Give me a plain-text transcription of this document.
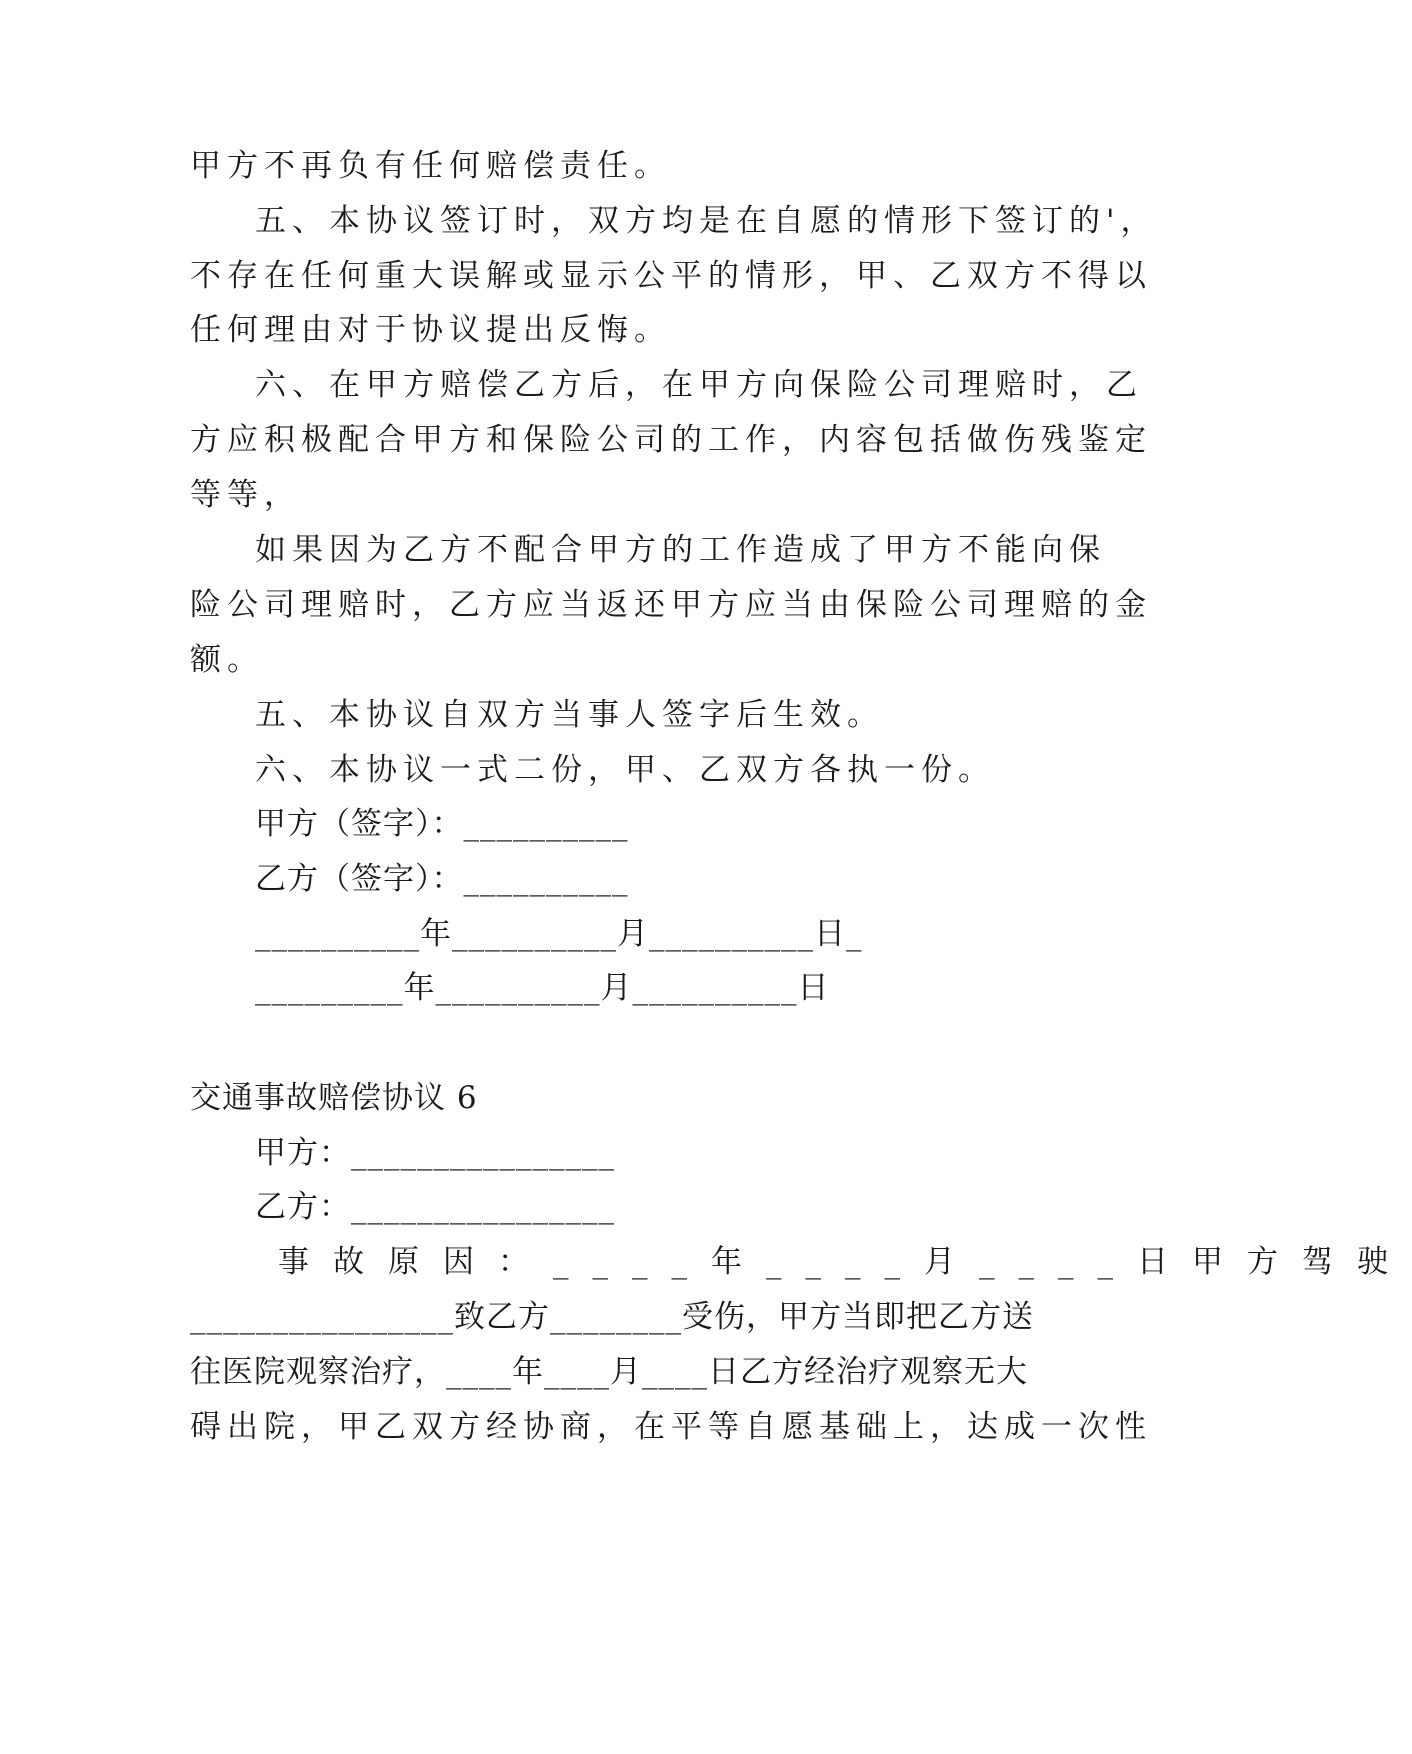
甲方不再负有任何赔偿责任。
五、本协议签订时，双方均是在自愿的情形下签订的'，
不存在任何重大误解或显示公平的情形，甲、乙双方不得以
任何理由对于协议提出反悔。
六、在甲方赔偿乙方后，在甲方向保险公司理赔时，乙
方应积极配合甲方和保险公司的工作，内容包括做伤残鉴定
等等，
如果因为乙方不配合甲方的工作造成了甲方不能向保
险公司理赔时，乙方应当返还甲方应当由保险公司理赔的金
额。
五、本协议自双方当事人签字后生效。
六、本协议一式二份，甲、乙双方各执一份。
甲方（签字）：__________
乙方（签字）：__________
__________年__________月__________日_
_________年__________月__________日
交通事故赔偿协议 6
甲方：________________
乙方：________________
事故原因：____年____月____日甲方驾驶
________________致乙方________受伤，甲方当即把乙方送
往医院观察治疗，____年____月____日乙方经治疗观察无大
碍出院，甲乙双方经协商，在平等自愿基础上，达成一次性
